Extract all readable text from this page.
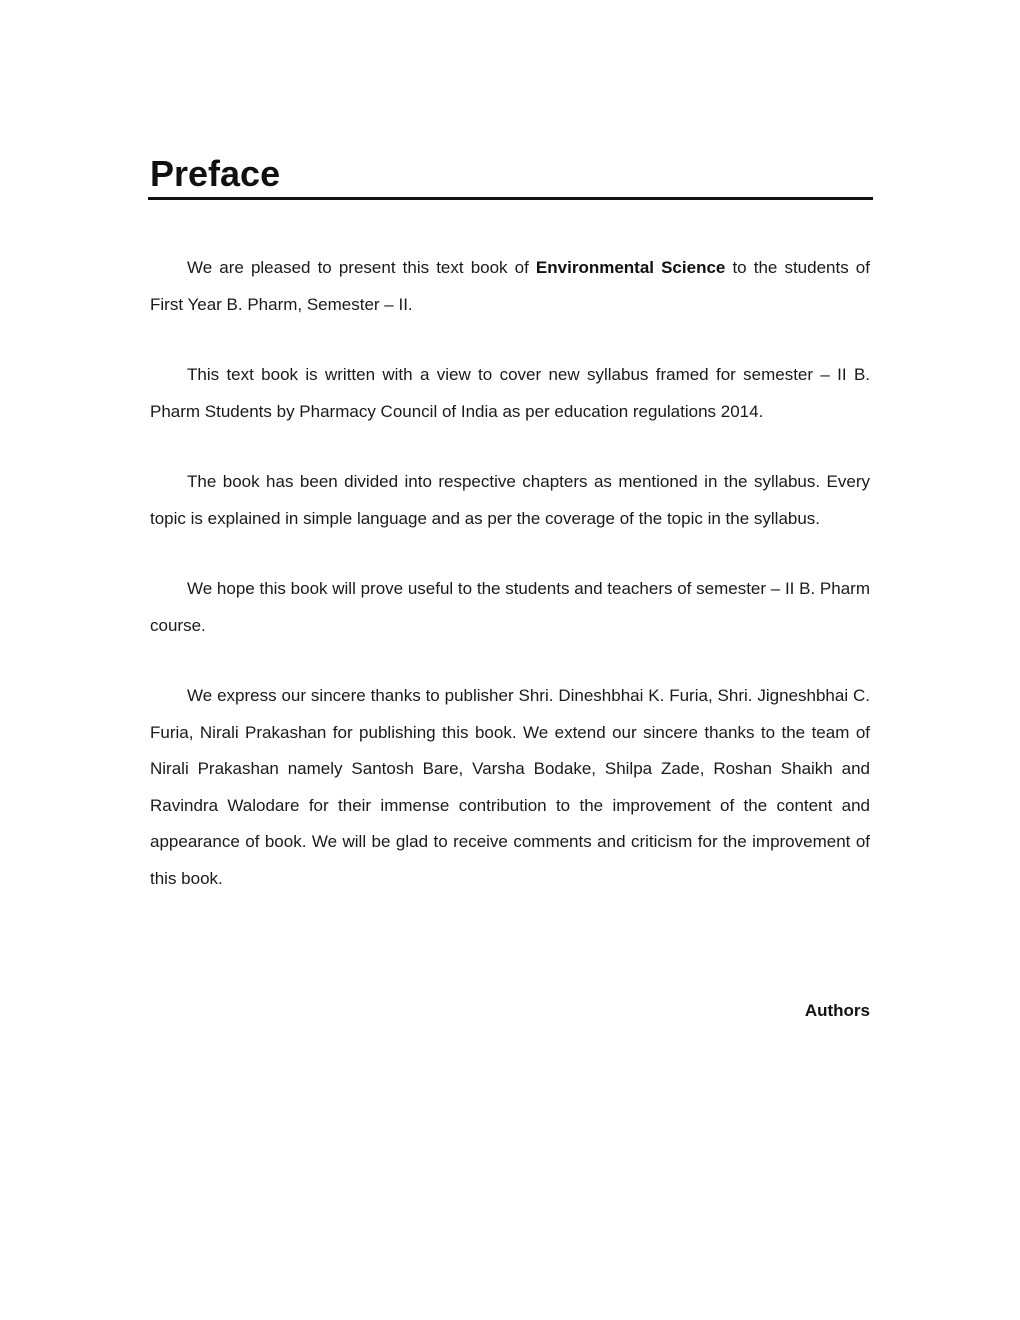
Preface

We are pleased to present this text book of Environmental Science to the students of First Year B. Pharm, Semester – II.

This text book is written with a view to cover new syllabus framed for semester – II B. Pharm Students by Pharmacy Council of India as per education regulations 2014.

The book has been divided into respective chapters as mentioned in the syllabus. Every topic is explained in simple language and as per the coverage of the topic in the syllabus.

We hope this book will prove useful to the students and teachers of semester – II B. Pharm course.

We express our sincere thanks to publisher Shri. Dineshbhai K. Furia, Shri. Jigneshbhai C. Furia, Nirali Prakashan for publishing this book. We extend our sincere thanks to the team of Nirali Prakashan namely Santosh Bare, Varsha Bodake, Shilpa Zade, Roshan Shaikh and Ravindra Walodare for their immense contribution to the improvement of the content and appearance of book. We will be glad to receive comments and criticism for the improvement of this book.

Authors
